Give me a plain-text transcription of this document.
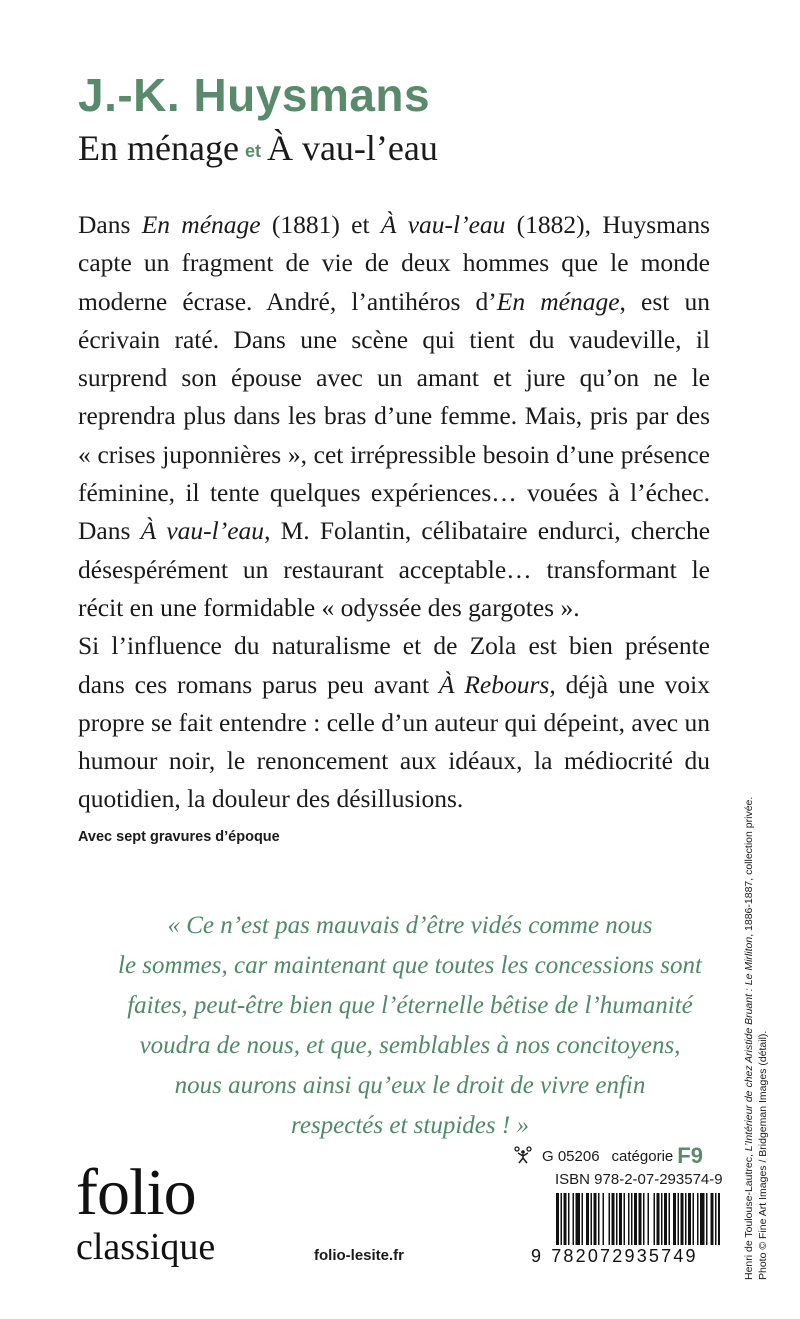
J.-K. Huysmans
En ménage et À vau-l’eau

Dans En ménage (1881) et À vau-l’eau (1882), Huysmans capte un fragment de vie de deux hommes que le monde moderne écrase. André, l’antihéros d’En ménage, est un écrivain raté. Dans une scène qui tient du vaudeville, il surprend son épouse avec un amant et jure qu’on ne le reprendra plus dans les bras d’une femme. Mais, pris par des « crises juponnières », cet irrépressible besoin d’une présence féminine, il tente quelques expériences… vouées à l’échec. Dans À vau-l’eau, M. Folantin, célibataire endurci, cherche désespérément un restaurant acceptable… transformant le récit en une formidable « odyssée des gargotes ».

Si l’influence du naturalisme et de Zola est bien présente dans ces romans parus peu avant À Rebours, déjà une voix propre se fait entendre : celle d’un auteur qui dépeint, avec un humour noir, le renoncement aux idéaux, la médiocrité du quotidien, la douleur des désillusions.

Avec sept gravures d’époque
« Ce n’est pas mauvais d’être vidés comme nous
le sommes, car maintenant que toutes les concessions sont
faites, peut-être bien que l’éternelle bêtise de l’humanité
voudra de nous, et que, semblables à nos concitoyens,
nous aurons ainsi qu’eux le droit de vivre enfin
respectés et stupides ! »
Henri de Toulouse-Lautrec, L’Intérieur de chez Aristide Bruant : Le Mirliton, 1886-1887, collection privée.
Photo © Fine Art Images / Bridgeman Images (détail).
folio
classique	folio-lesite.fr
G 05206 catégorie F9
ISBN 978-2-07-293574-9
9 782072935749
